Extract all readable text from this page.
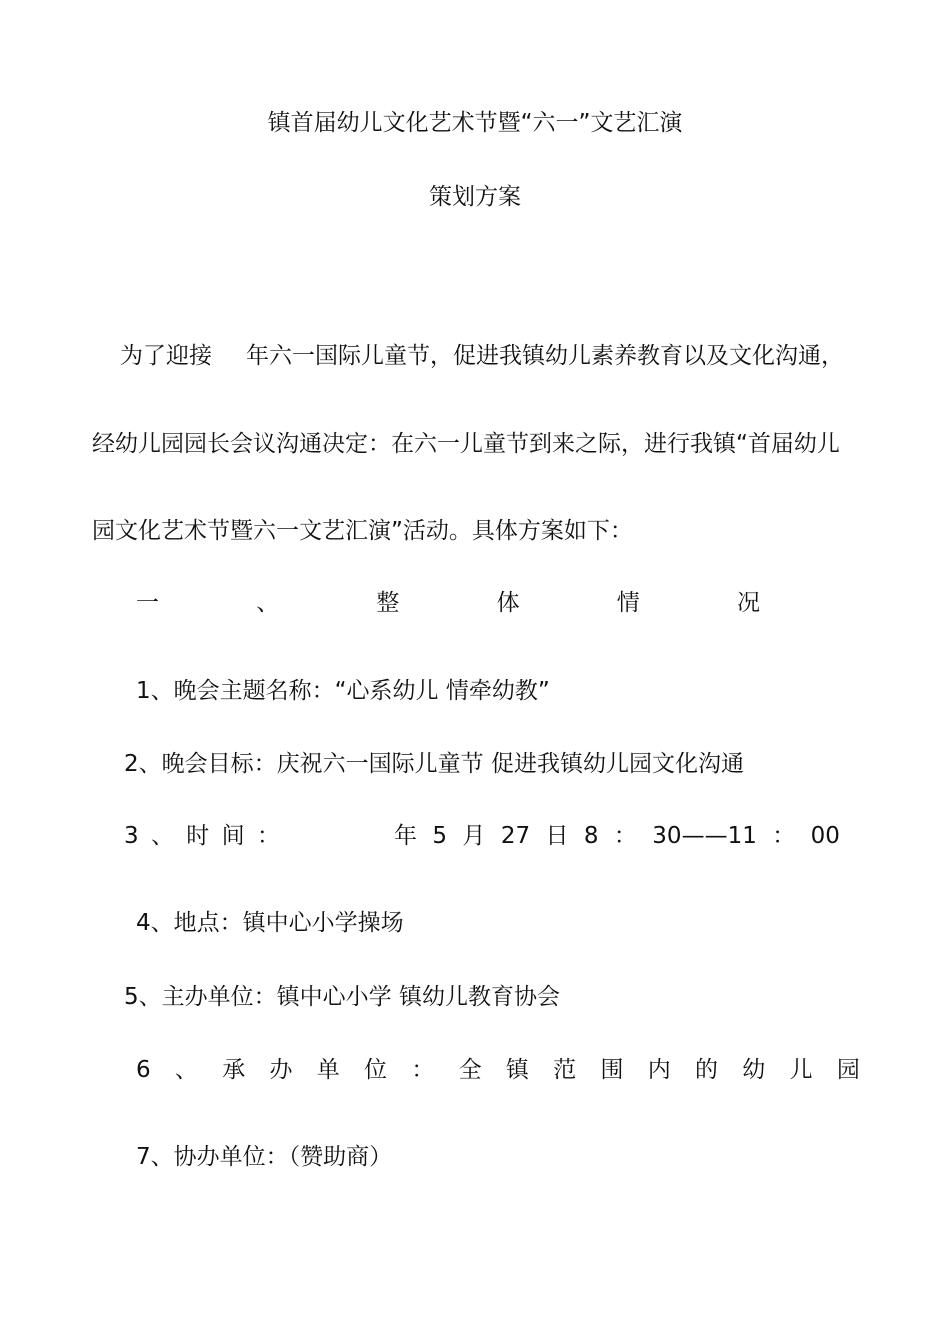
镇首届幼儿文化艺术节暨“六一”文艺汇演
策划方案
为了迎接 年六一国际儿童节，促进我镇幼儿素养教育以及文化沟通，
经幼儿园园长会议沟通决定：在六一儿童节到来之际，进行我镇“首届幼儿
园文化艺术节暨六一文艺汇演”活动。具体方案如下：
一	、	整	体	情	况
1、晚会主题名称：“心系幼儿 情牵幼教”
2、晚会目标：庆祝六一国际儿童节 促进我镇幼儿园文化沟通
3 、 时 间 ：	年 5 月 27 日 8 ： 30——11 ： 00
4、地点：镇中心小学操场
5、主办单位：镇中心小学 镇幼儿教育协会
6 、 承 办 单 位 ： 全 镇 范 围 内 的 幼 儿 园
7、协办单位：（赞助商）
